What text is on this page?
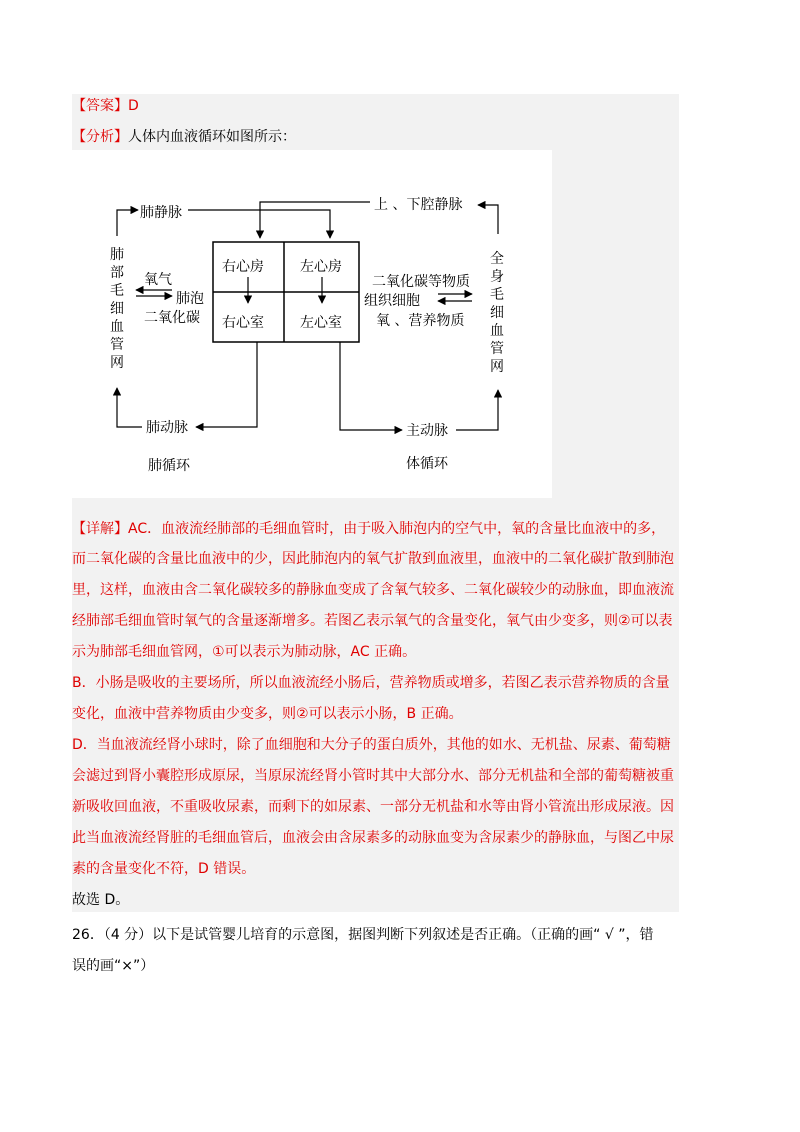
【答案】D
【分析】人体内血液循环如图所示：
右心房	左心房
右心室	左心室
肺静脉	上 、下腔静脉
肺
部
毛
细
血
管
网
全
身
毛
细
血
管
网
氧气
肺泡
二氧化碳
二氧化碳等物质
组织细胞
氧 、营养物质
肺动脉	主动脉
肺循环	体循环
【详解】AC．血液流经肺部的毛细血管时，由于吸入肺泡内的空气中，氧的含量比血液中的多，
而二氧化碳的含量比血液中的少，因此肺泡内的氧气扩散到血液里，血液中的二氧化碳扩散到肺泡
里，这样，血液由含二氧化碳较多的静脉血变成了含氧气较多、二氧化碳较少的动脉血，即血液流
经肺部毛细血管时氧气的含量逐渐增多。若图乙表示氧气的含量变化，氧气由少变多，则②可以表
示为肺部毛细血管网，①可以表示为肺动脉，AC 正确。
B．小肠是吸收的主要场所，所以血液流经小肠后，营养物质或增多，若图乙表示营养物质的含量
变化，血液中营养物质由少变多，则②可以表示小肠，B 正确。
D．当血液流经肾小球时，除了血细胞和大分子的蛋白质外，其他的如水、无机盐、尿素、葡萄糖
会滤过到肾小囊腔形成原尿，当原尿流经肾小管时其中大部分水、部分无机盐和全部的葡萄糖被重
新吸收回血液，不重吸收尿素，而剩下的如尿素、一部分无机盐和水等由肾小管流出形成尿液。因
此当血液流经肾脏的毛细血管后，血液会由含尿素多的动脉血变为含尿素少的静脉血，与图乙中尿
素的含量变化不符，D 错误。
故选 D。
26．（4 分）以下是试管婴儿培育的示意图，据图判断下列叙述是否正确。（正确的画“ √ ”，错
误的画“×”）
